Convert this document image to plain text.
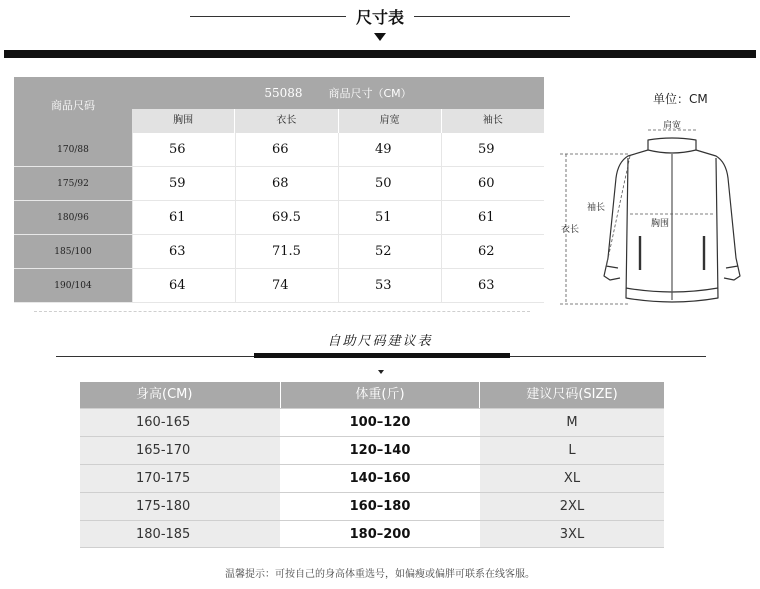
尺寸表
商品尺码
55088 商品尺寸（CM）
胸围	衣长	肩宽	袖长
170/88	56	66	49	59
175/92	59	68	50	60
180/96	61	69.5	51	61
185/100	63	71.5	52	62
190/104	64	74	53	63
单位：CM
肩宽
袖长
胸围
衣长
自助尺码建议表
身高(CM)	体重(斤)	建议尺码(SIZE)
160-165	100–120	M
165-170	120–140	L
170-175	140–160	XL
175-180	160–180	2XL
180-185	180–200	3XL
温馨提示：可按自己的身高体重选号，如偏瘦或偏胖可联系在线客服。
